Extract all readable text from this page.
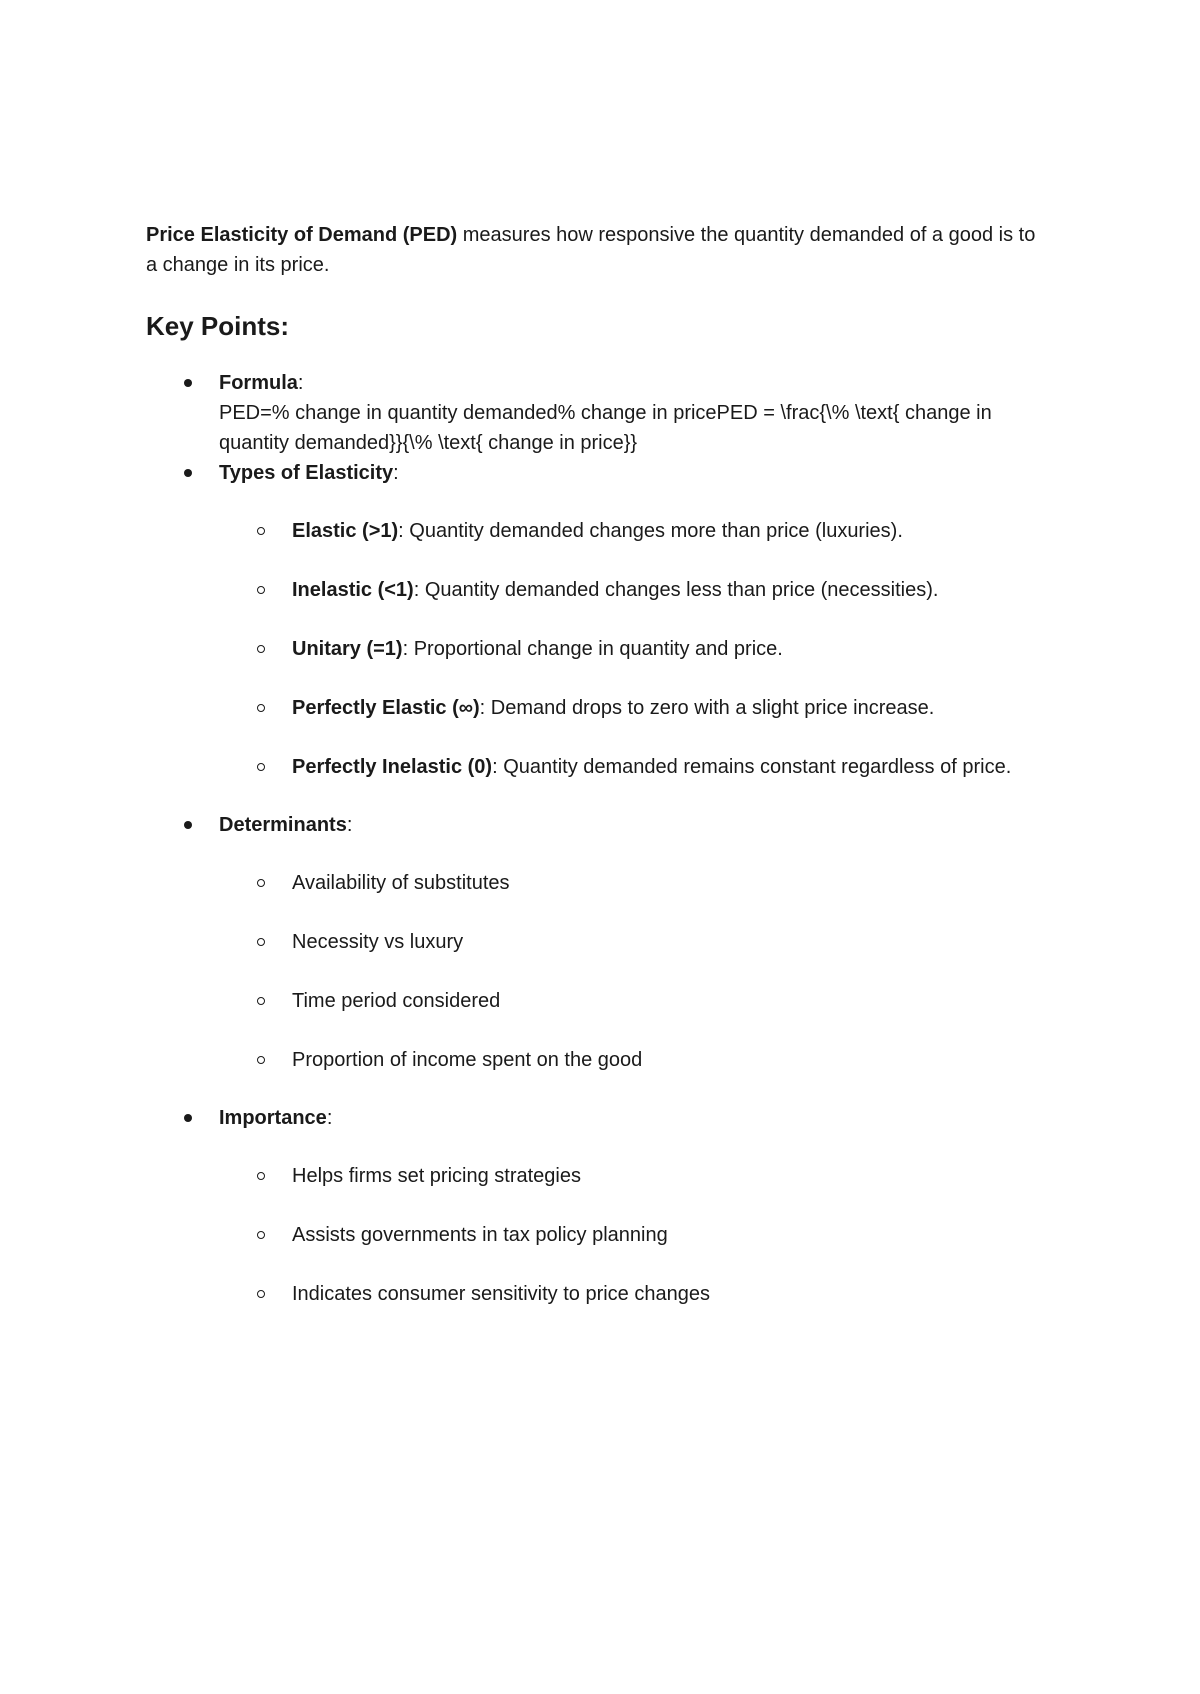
Price Elasticity of Demand (PED) measures how responsive the quantity demanded of a good is to a change in its price.

Key Points:
Formula:
PED=% change in quantity demanded% change in pricePED = \frac{\% \text{ change in quantity demanded}}{\% \text{ change in price}}
Types of Elasticity:
Elastic (>1): Quantity demanded changes more than price (luxuries).
Inelastic (<1): Quantity demanded changes less than price (necessities).
Unitary (=1): Proportional change in quantity and price.
Perfectly Elastic (∞): Demand drops to zero with a slight price increase.
Perfectly Inelastic (0): Quantity demanded remains constant regardless of price.
Determinants:
Availability of substitutes
Necessity vs luxury
Time period considered
Proportion of income spent on the good
Importance:
Helps firms set pricing strategies
Assists governments in tax policy planning
Indicates consumer sensitivity to price changes
